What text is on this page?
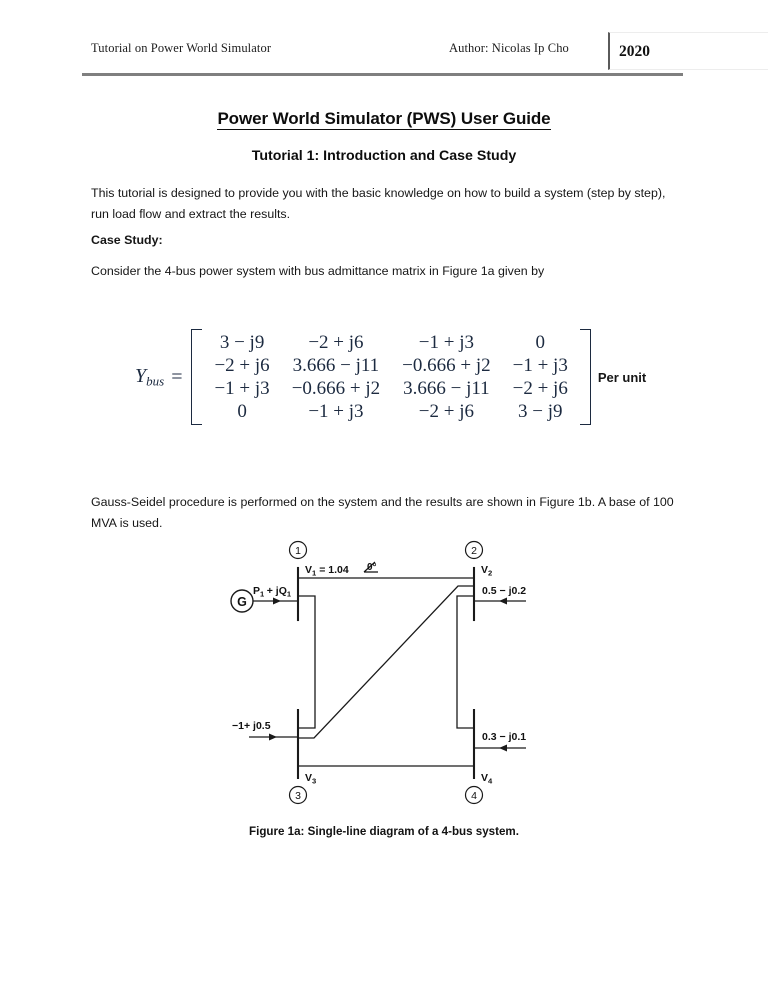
Tutorial on Power World Simulator	Author: Nicolas Ip Cho	2020
Power World Simulator (PWS) User Guide
Tutorial 1: Introduction and Case Study
This tutorial is designed to provide you with the basic knowledge on how to build a system (step by step), run load flow and extract the results.
Case Study:
Consider the 4-bus power system with bus admittance matrix in Figure 1a given by
$Y_{bus}$ =
3 − j9	−2 + j6	−1 + j3	0
−2 + j6	3.666 − j11	−0.666 + j2	−1 + j3
−1 + j3	−0.666 + j2	3.666 − j11	−2 + j6
0	−1 + j3	−2 + j6	3 − j9
Per unit
Gauss-Seidel procedure is performed on the system and the results are shown in Figure 1b. A base of 100 MVA is used.
G
1	2
3	4
$V_1 = 1.04$ 0°	$V_2$
$V_3$	$V_4$
$P_1 + jQ_1$	0.5 − j0.2
−1+ j0.5
0.3 − j0.1
Figure 1a: Single-line diagram of a 4-bus system.
